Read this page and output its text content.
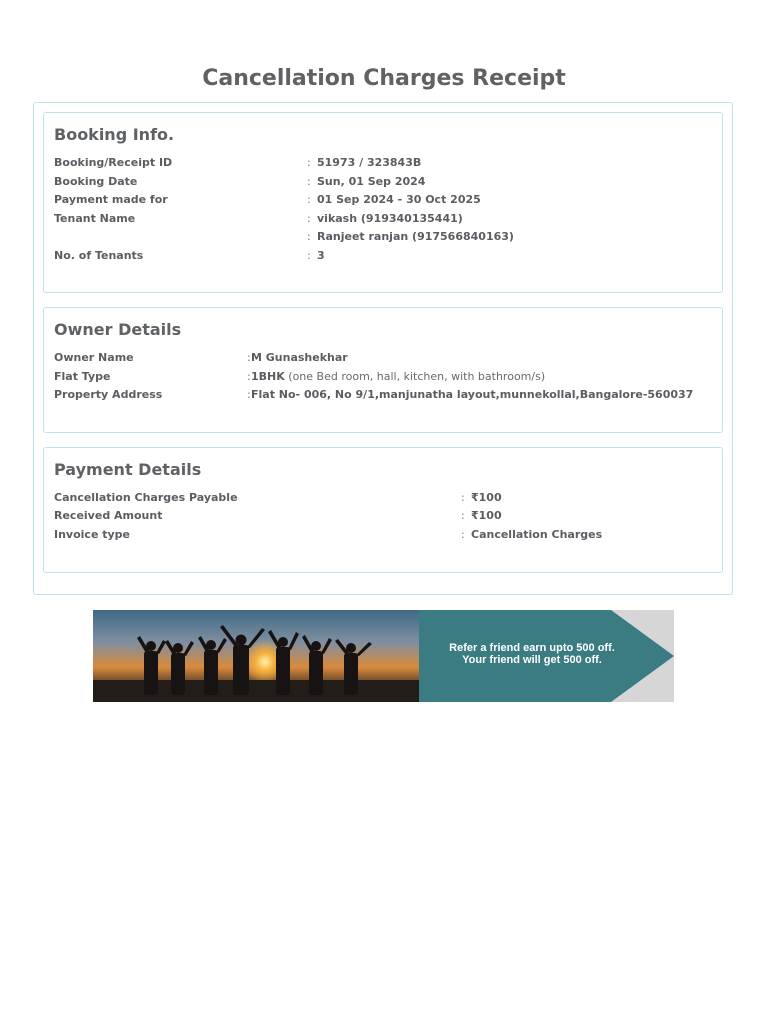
Cancellation Charges Receipt
Booking Info.
Booking/Receipt ID	: 51973 / 323843B
Booking Date	: Sun, 01 Sep 2024
Payment made for	: 01 Sep 2024 - 30 Oct 2025
Tenant Name	: vikash (919340135441)
: Ranjeet ranjan (917566840163)
No. of Tenants	: 3
Owner Details
Owner Name	: M Gunashekhar
Flat Type	: 1BHK (one Bed room, hall, kitchen, with bathroom/s)
Property Address	: Flat No- 006, No 9/1,manjunatha layout,munnekollal,Bangalore-560037
Payment Details
Cancellation Charges Payable	: ₹100
Received Amount	: ₹100
Invoice type	: Cancellation Charges
Refer a friend earn upto 500 off.
Your friend will get 500 off.
